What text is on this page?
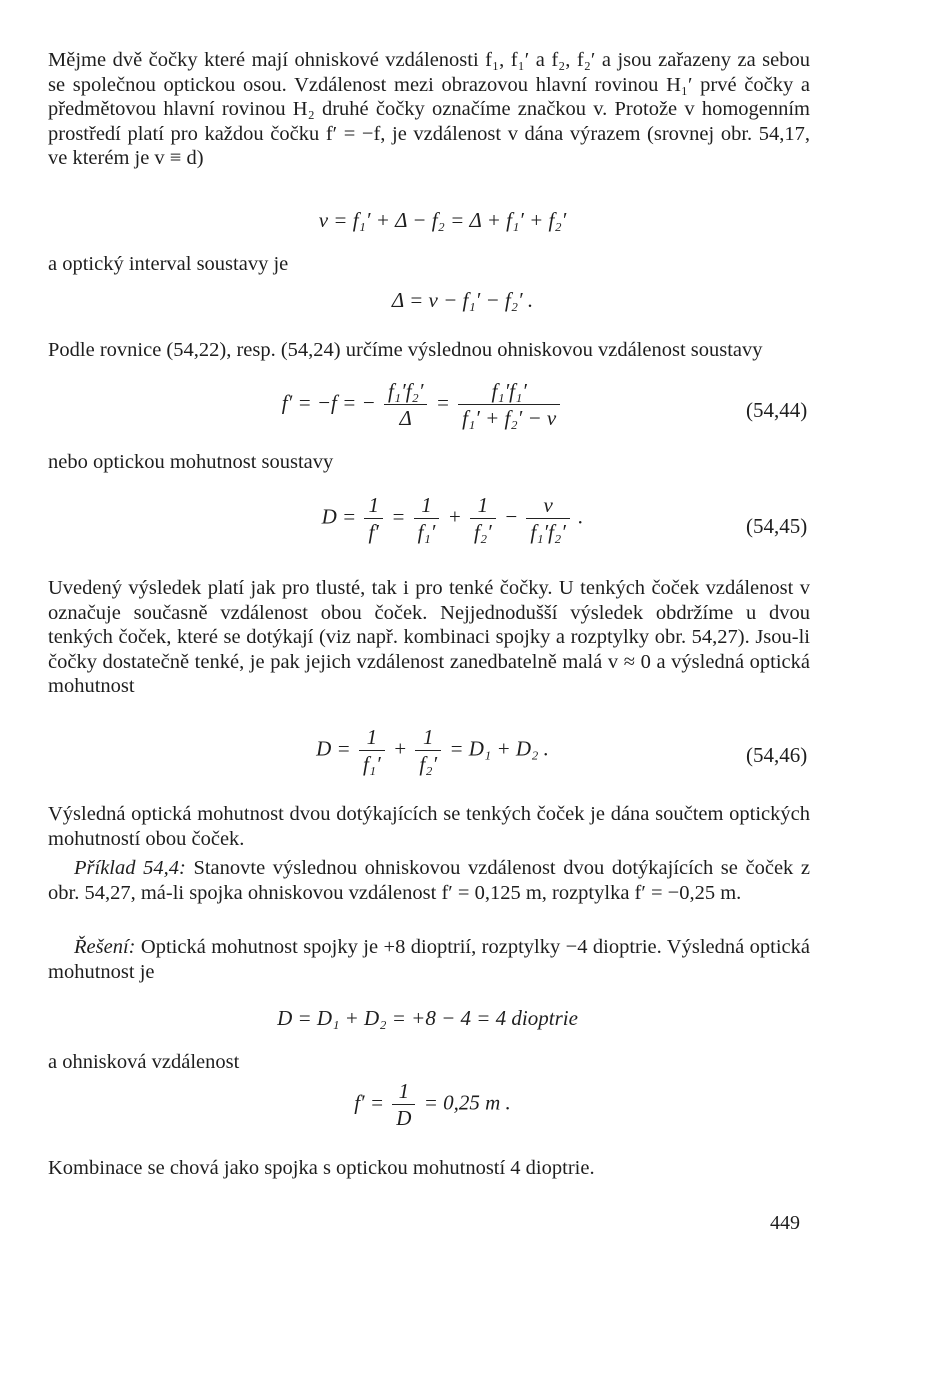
Mějme dvě čočky které mají ohniskové vzdálenosti f₁, f₁′ a f₂, f₂′ a jsou zařazeny za sebou se společnou optickou osou. Vzdálenost mezi obrazovou hlavní rovinou H₁′ prvé čočky a předmětovou hlavní rovinou H₂ druhé čočky označíme značkou v. Protože v homogenním prostředí platí pro každou čočku f′ = −f, je vzdálenost v dána výrazem (srovnej obr. 54,17, ve kterém je v ≡ d)

v = f₁′ + Δ − f₂ = Δ + f₁′ + f₂′

a optický interval soustavy je

Δ = v − f₁′ − f₂′ .

Podle rovnice (54,22), resp. (54,24) určíme výslednou ohniskovou vzdálenost soustavy

f′ = −f = − $\frac{\text{f₁′f₂′}}{\Delta} = \frac{\text{f₁′f₁′}}{\text{f₁′ + f₂′ − v}}$	(54,44)

nebo optickou mohutnost soustavy

$D = \frac{1}{f'} = \frac{1}{\text{f₁′}} + \frac{1}{\text{f₂′}} - \frac{v}{\text{f₁′f₂′}}$ .	(54,45)

Uvedený výsledek platí jak pro tlusté, tak i pro tenké čočky. U tenkých čoček vzdálenost v označuje současně vzdálenost obou čoček. Nejjednodušší výsledek obdržíme u dvou tenkých čoček, které se dotýkají (viz např. kombinaci spojky a rozptylky obr. 54,27). Jsou-li čočky dostatečně tenké, je pak jejich vzdálenost zanedbatelně malá v ≈ 0 a výsledná optická mohutnost

$D = \frac{1}{\text{f₁′}} + \frac{1}{\text{f₂′}} = D_1 + D_2$ .	(54,46)

Výsledná optická mohutnost dvou dotýkajících se tenkých čoček je dána součtem optických mohutností obou čoček.

Příklad 54,4: Stanovte výslednou ohniskovou vzdálenost dvou dotýkajících se čoček z obr. 54,27, má-li spojka ohniskovou vzdálenost f′ = 0,125 m, rozptylka f′ = −0,25 m.

Řešení: Optická mohutnost spojky je +8 dioptrií, rozptylky −4 dioptrie. Výsledná optická mohutnost je

D = D₁ + D₂ = +8 − 4 = 4 dioptrie

a ohnisková vzdálenost

$f' = \frac{1}{D} = 0,25$ m .

Kombinace se chová jako spojka s optickou mohutností 4 dioptrie.

449
